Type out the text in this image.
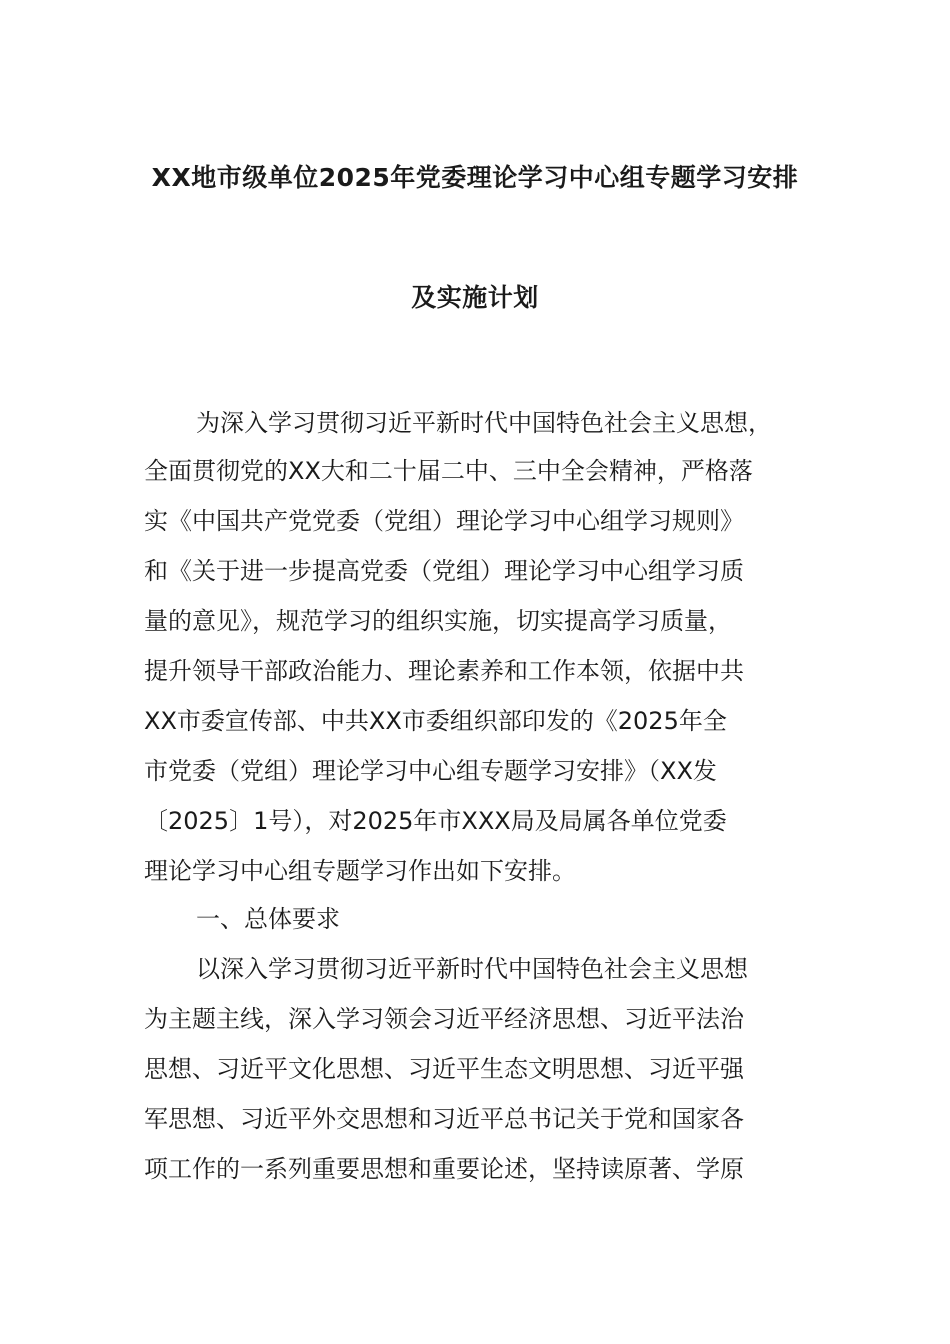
XX地市级单位2025年党委理论学习中心组专题学习安排
及实施计划
为深入学习贯彻习近平新时代中国特色社会主义思想，
全面贯彻党的XX大和二十届二中、三中全会精神，严格落
实《中国共产党党委（党组）理论学习中心组学习规则》
和《关于进一步提高党委（党组）理论学习中心组学习质
量的意见》，规范学习的组织实施，切实提高学习质量，
提升领导干部政治能力、理论素养和工作本领，依据中共
XX市委宣传部、中共XX市委组织部印发的《2025年全
市党委（党组）理论学习中心组专题学习安排》（XX发
〔2025〕1号），对2025年市XXX局及局属各单位党委
理论学习中心组专题学习作出如下安排。
一、总体要求
以深入学习贯彻习近平新时代中国特色社会主义思想
为主题主线，深入学习领会习近平经济思想、习近平法治
思想、习近平文化思想、习近平生态文明思想、习近平强
军思想、习近平外交思想和习近平总书记关于党和国家各
项工作的一系列重要思想和重要论述，坚持读原著、学原
